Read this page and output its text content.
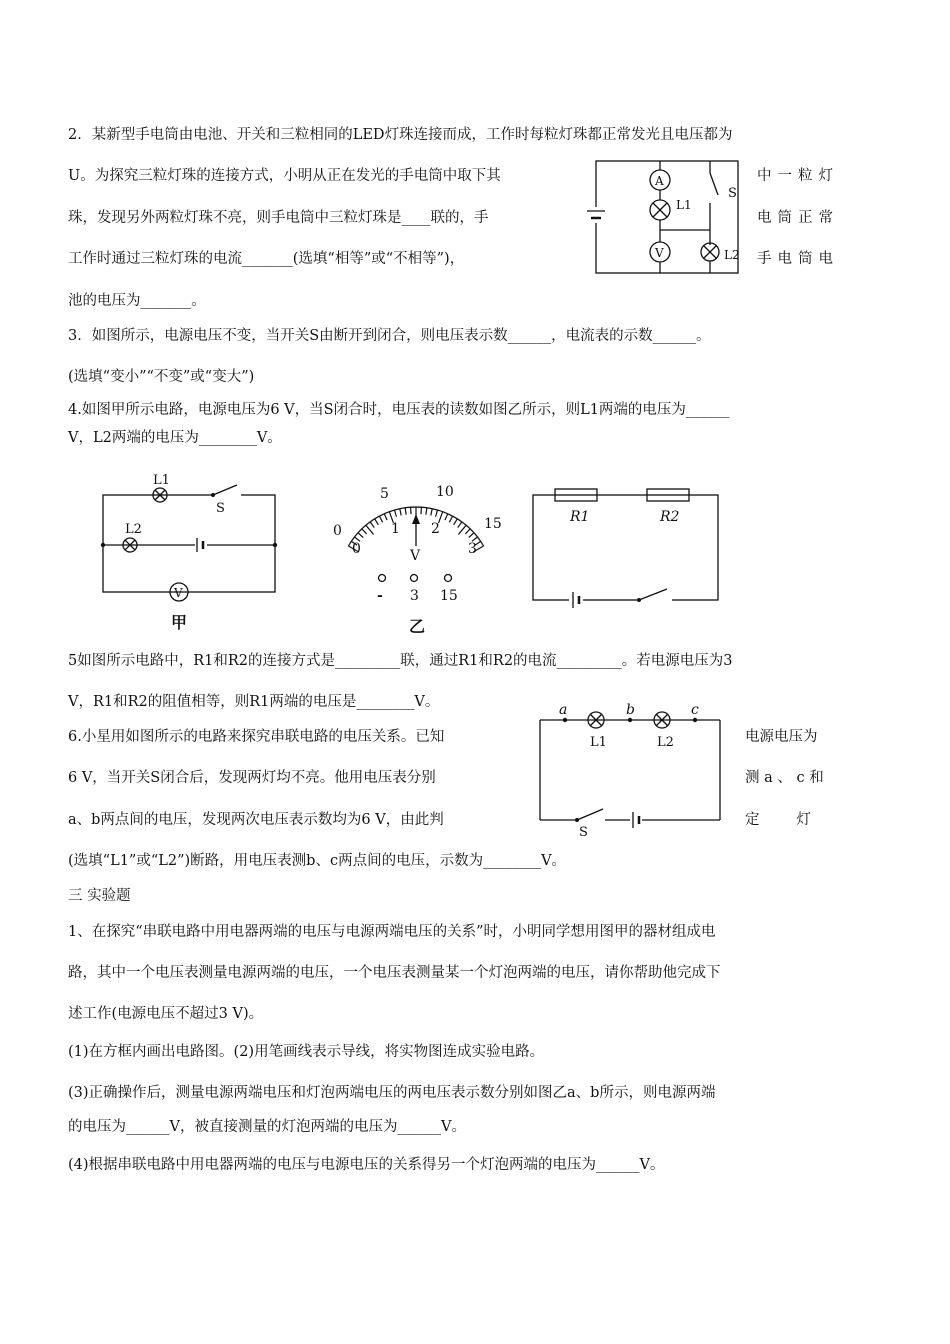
2．某新型手电筒由电池、开关和三粒相同的LED灯珠连接而成，工作时每粒灯珠都正常发光且电压都为
U。为探究三粒灯珠的连接方式，小明从正在发光的手电筒中取下其	中一粒灯
珠，发现另外两粒灯珠不亮，则手电筒中三粒灯珠是____联的，手	电筒正常
工作时通过三粒灯珠的电流_______(选填“相等”或“不相等”)，	手电筒电
池的电压为_______。
A
L1
V
S
L2
3．如图所示，电源电压不变，当开关S由断开到闭合，则电压表示数______，电流表的示数______。
(选填“变小”“不变”或“变大”)
4.如图甲所示电路，电源电压为6 V，当S闭合时，电压表的读数如图乙所示，则L1两端的电压为______
V，L2两端的电压为________V。
L1
S
L2
V
甲
0
5	10
15
0
1 2
3
V
- 3 15
乙
R1	R2
5如图所示电路中，R1和R2的连接方式是_________联，通过R1和R2的电流_________。若电源电压为3
V，R1和R2的阻值相等，则R1两端的电压是________V。	a	b	c
L1	L2
S
6.小星用如图所示的电路来探究串联电路的电压关系。已知	电源电压为
6 V，当开关S闭合后，发现两灯均不亮。他用电压表分别	测 a 、 c 和
a、b两点间的电压，发现两次电压表示数均为6 V，由此判	定        灯
(选填“L1”或“L2”)断路，用电压表测b、c两点间的电压，示数为________V。
三 实验题
1、在探究“串联电路中用电器两端的电压与电源两端电压的关系”时，小明同学想用图甲的器材组成电
路，其中一个电压表测量电源两端的电压，一个电压表测量某一个灯泡两端的电压，请你帮助他完成下
述工作(电源电压不超过3 V)。
(1)在方框内画出电路图。(2)用笔画线表示导线，将实物图连成实验电路。
(3)正确操作后，测量电源两端电压和灯泡两端电压的两电压表示数分别如图乙a、b所示，则电源两端
的电压为______V，被直接测量的灯泡两端的电压为______V。
(4)根据串联电路中用电器两端的电压与电源电压的关系得另一个灯泡两端的电压为______V。
